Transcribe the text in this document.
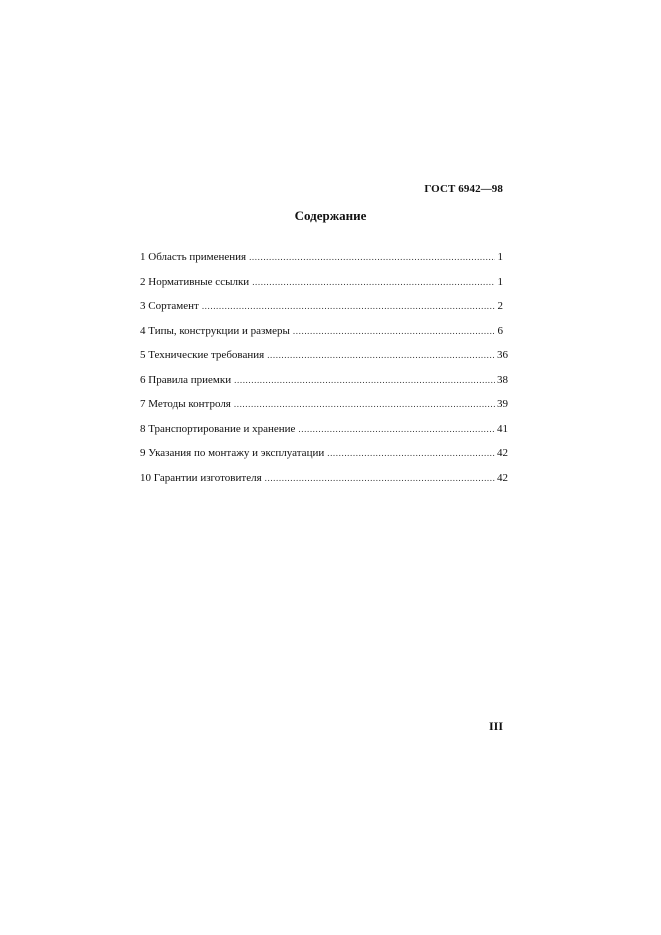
ГОСТ 6942—98
Содержание
1 Область применения .....	1
2 Нормативные ссылки .....	1
3 Сортамент .....	2
4 Типы, конструкции и размеры .....	6
5 Технические требования .....	36
6 Правила приемки .....	38
7 Методы контроля .....	39
8 Транспортирование и хранение .....	41
9 Указания по монтажу и эксплуатации .....	42
10 Гарантии изготовителя .....	42
III
